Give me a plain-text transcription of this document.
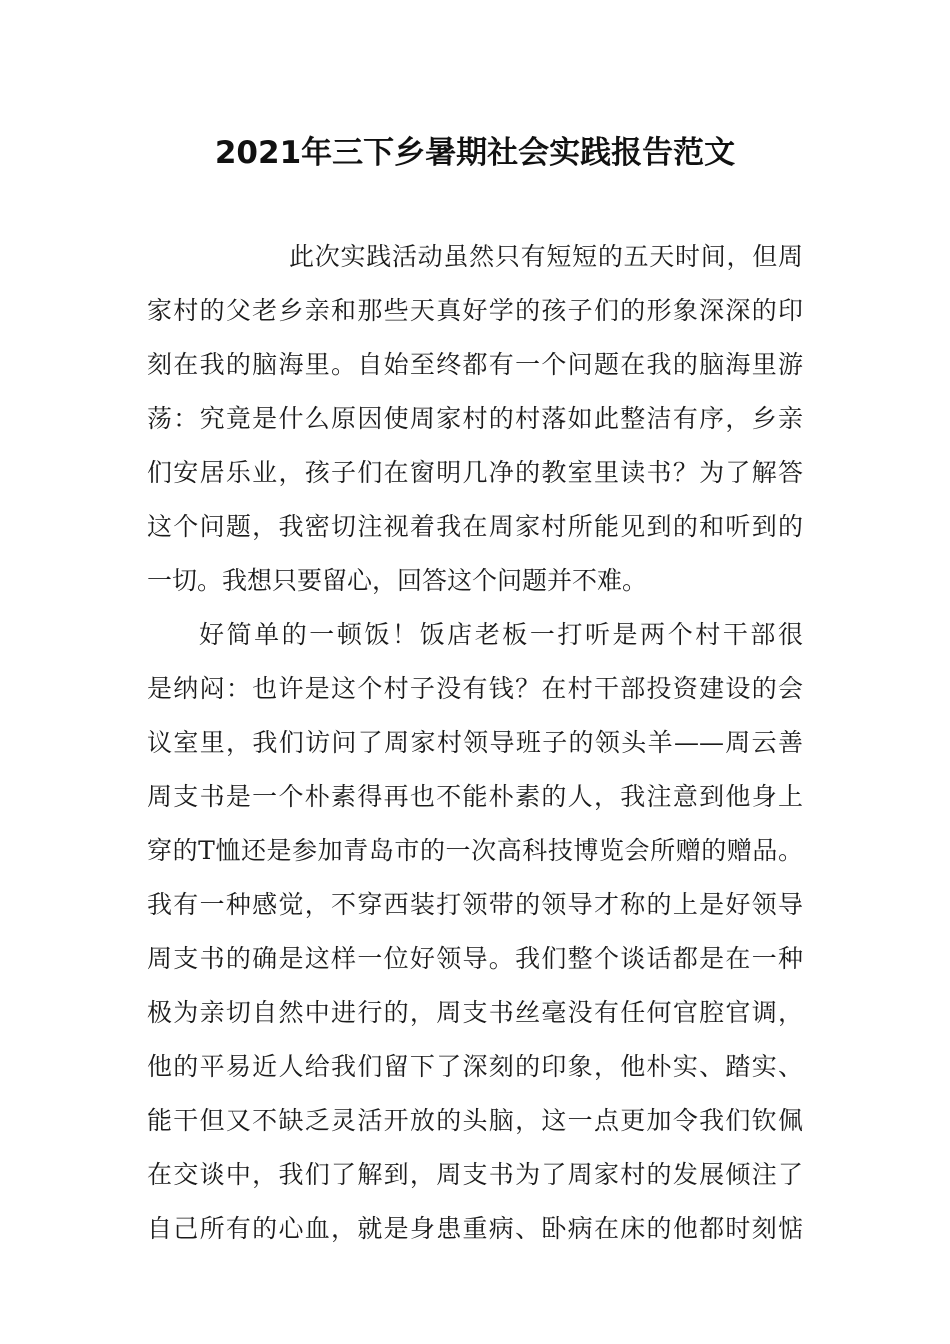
2021年三下乡暑期社会实践报告范文
此次实践活动虽然只有短短的五天时间，但周
家村的父老乡亲和那些天真好学的孩子们的形象深深的印
刻在我的脑海里。自始至终都有一个问题在我的脑海里游
荡：究竟是什么原因使周家村的村落如此整洁有序，乡亲
们安居乐业，孩子们在窗明几净的教室里读书？为了解答
这个问题，我密切注视着我在周家村所能见到的和听到的
一切。我想只要留心，回答这个问题并不难。
好简单的一顿饭！饭店老板一打听是两个村干部很
是纳闷：也许是这个村子没有钱？在村干部投资建设的会
议室里，我们访问了周家村领导班子的领头羊——周云善
周支书是一个朴素得再也不能朴素的人，我注意到他身上
穿的T恤还是参加青岛市的一次高科技博览会所赠的赠品。
我有一种感觉，不穿西装打领带的领导才称的上是好领导
周支书的确是这样一位好领导。我们整个谈话都是在一种
极为亲切自然中进行的，周支书丝毫没有任何官腔官调，
他的平易近人给我们留下了深刻的印象，他朴实、踏实、
能干但又不缺乏灵活开放的头脑，这一点更加令我们钦佩
在交谈中，我们了解到，周支书为了周家村的发展倾注了
自己所有的心血，就是身患重病、卧病在床的他都时刻惦
